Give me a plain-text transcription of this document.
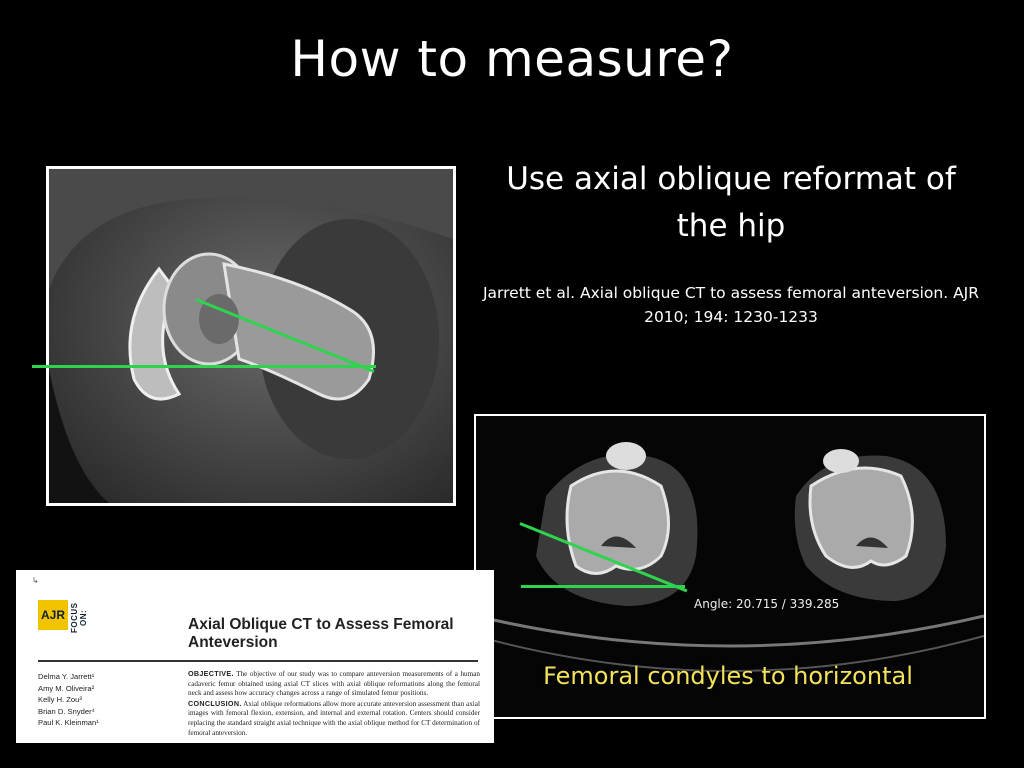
How to measure?
Use axial oblique reformat of the hip
Jarrett et al. Axial oblique CT to assess femoral anteversion. AJR 2010; 194: 1230-1233
Angle: 20.715 / 339.285
Femoral condyles to horizontal
↳
AJR FOCUS ON:	Axial Oblique CT to Assess Femoral Anteversion
Delma Y. Jarrett¹
Amy M. Oliveira²
Kelly H. Zou³
Brian D. Snyder⁴
Paul K. Kleinman¹
OBJECTIVE. The objective of our study was to compare anteversion measurements of a human cadaveric femur obtained using axial CT slices with axial oblique reformations along the femoral neck and assess how accuracy changes across a range of simulated femur positions.
CONCLUSION. Axial oblique reformations allow more accurate anteversion assessment than axial images with femoral flexion, extension, and internal and external rotation. Centers should consider replacing the standard straight axial technique with the axial oblique method for CT determination of femoral anteversion.
